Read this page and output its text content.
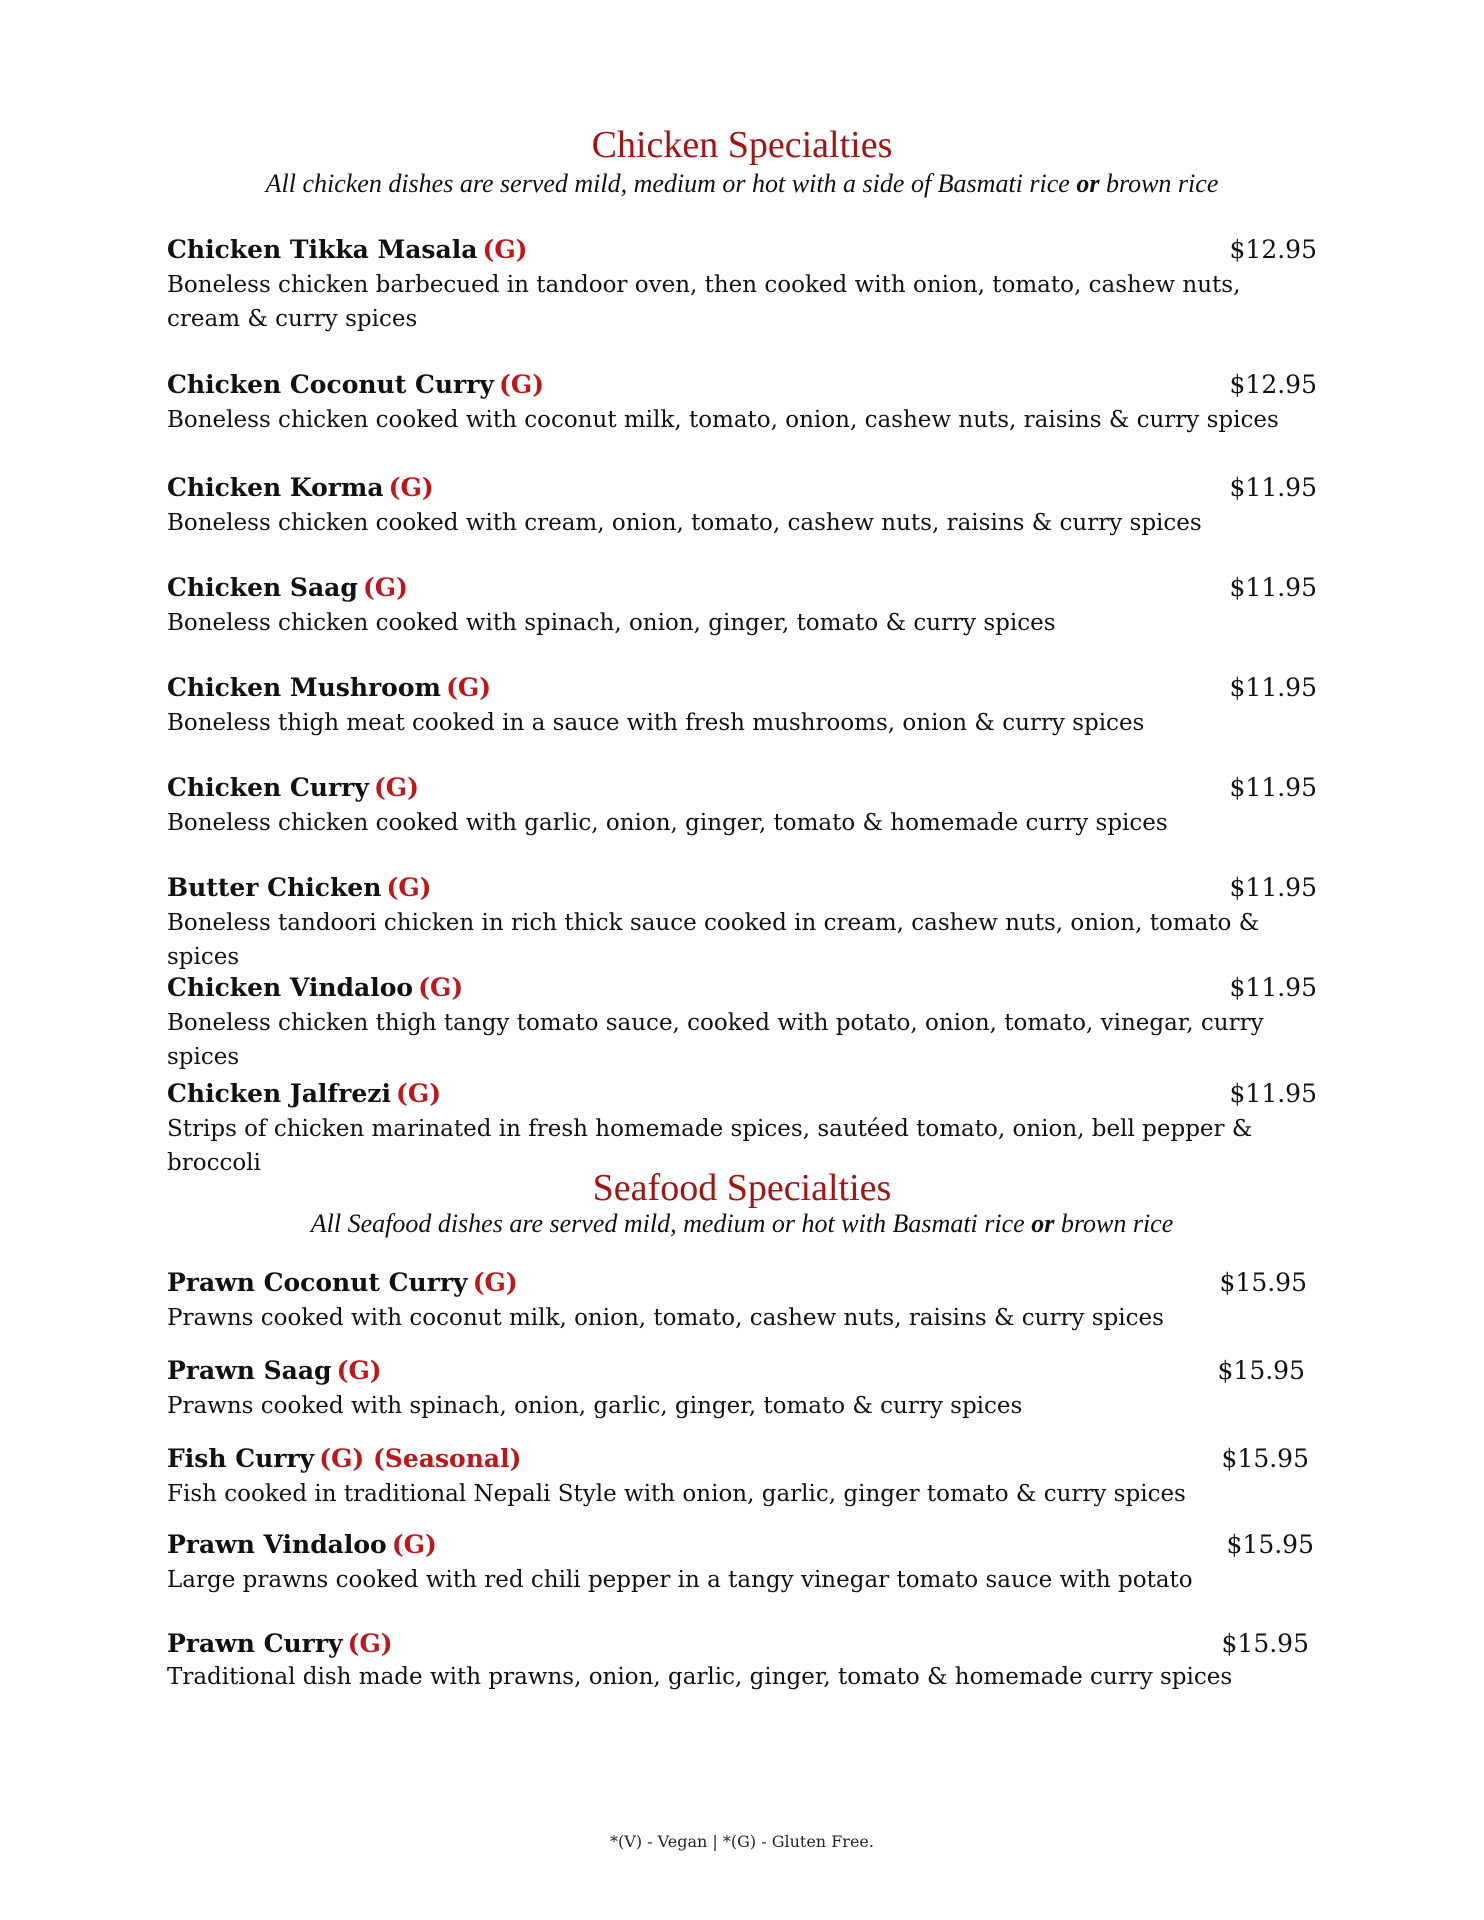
Chicken Specialties
All chicken dishes are served mild, medium or hot with a side of Basmati rice or brown rice
Chicken Tikka Masala (G)	$12.95
Boneless chicken barbecued in tandoor oven, then cooked with onion, tomato, cashew nuts, cream & curry spices
Chicken Coconut Curry (G)	$12.95
Boneless chicken cooked with coconut milk, tomato, onion, cashew nuts, raisins & curry spices
Chicken Korma (G)	$11.95
Boneless chicken cooked with cream, onion, tomato, cashew nuts, raisins & curry spices
Chicken Saag (G)	$11.95
Boneless chicken cooked with spinach, onion, ginger, tomato & curry spices
Chicken Mushroom (G)	$11.95
Boneless thigh meat cooked in a sauce with fresh mushrooms, onion & curry spices
Chicken Curry (G)	$11.95
Boneless chicken cooked with garlic, onion, ginger, tomato & homemade curry spices
Butter Chicken (G)	$11.95
Boneless tandoori chicken in rich thick sauce cooked in cream, cashew nuts, onion, tomato & spices
Chicken Vindaloo (G)	$11.95
Boneless chicken thigh tangy tomato sauce, cooked with potato, onion, tomato, vinegar, curry spices
Chicken Jalfrezi (G)	$11.95
Strips of chicken marinated in fresh homemade spices, sautéed tomato, onion, bell pepper & broccoli
Seafood Specialties
All Seafood dishes are served mild, medium or hot with Basmati rice or brown rice
Prawn Coconut Curry (G)	$15.95
Prawns cooked with coconut milk, onion, tomato, cashew nuts, raisins & curry spices
Prawn Saag (G)	$15.95
Prawns cooked with spinach, onion, garlic, ginger, tomato & curry spices
Fish Curry (G) (Seasonal)	$15.95
Fish cooked in traditional Nepali Style with onion, garlic, ginger tomato & curry spices
Prawn Vindaloo (G)	$15.95
Large prawns cooked with red chili pepper in a tangy vinegar tomato sauce with potato
Prawn Curry (G)	$15.95
Traditional dish made with prawns, onion, garlic, ginger, tomato & homemade curry spices
*(V) - Vegan | *(G) - Gluten Free.
